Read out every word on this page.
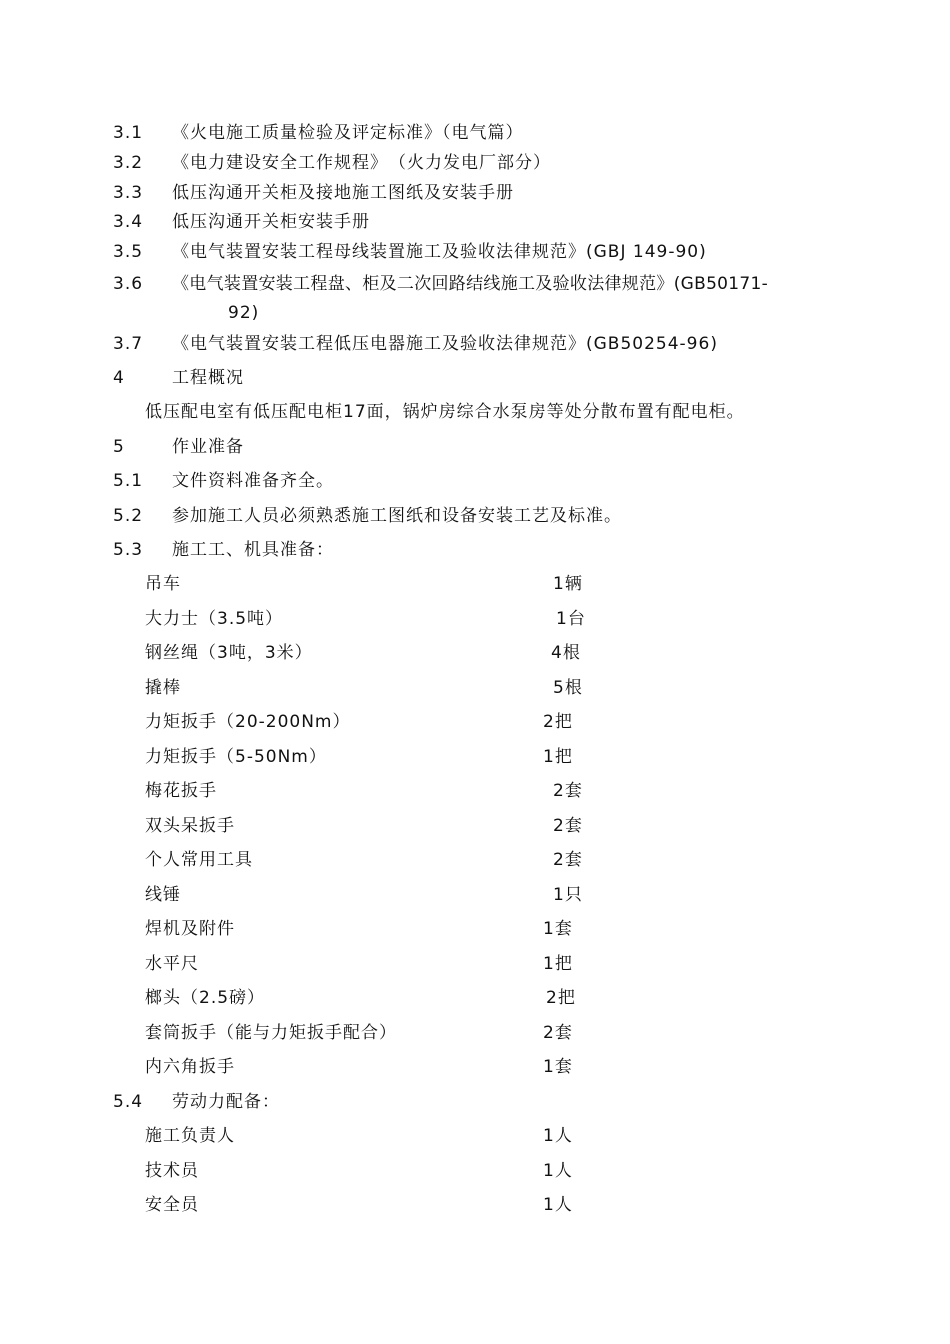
3.1 《火电施工质量检验及评定标准》（电气篇）
3.2 《电力建设安全工作规程》　（火力发电厂部分）
3.3 低压沟通开关柜及接地施工图纸及安装手册
3.4 低压沟通开关柜安装手册
3.5 《电气装置安装工程母线装置施工及验收法律规范》(GBJ 149-90)
3.6 《电气装置安装工程盘、柜及二次回路结线施工及验收法律规范》(GB50171-
92)
3.7 《电气装置安装工程低压电器施工及验收法律规范》(GB50254-96)
4	工程概况
低压配电室有低压配电柜17面，锅炉房综合水泵房等处分散布置有配电柜。
5	作业准备
5.1 文件资料准备齐全。
5.2 参加施工人员必须熟悉施工图纸和设备安装工艺及标准。
5.3 施工工、机具准备：
吊车	1辆
大力士（3.5吨）	1台
钢丝绳（3吨，3米）	4根
撬棒	5根
力矩扳手（20-200Nm）	2把
力矩扳手（5-50Nm）	1把
梅花扳手	2套
双头呆扳手	2套
个人常用工具	2套
线锤	1只
焊机及附件	1套
水平尺	1把
榔头（2.5磅）	2把
套筒扳手（能与力矩扳手配合）	2套
内六角扳手	1套
5.4 劳动力配备：
施工负责人	1人
技术员	1人
安全员	1人
